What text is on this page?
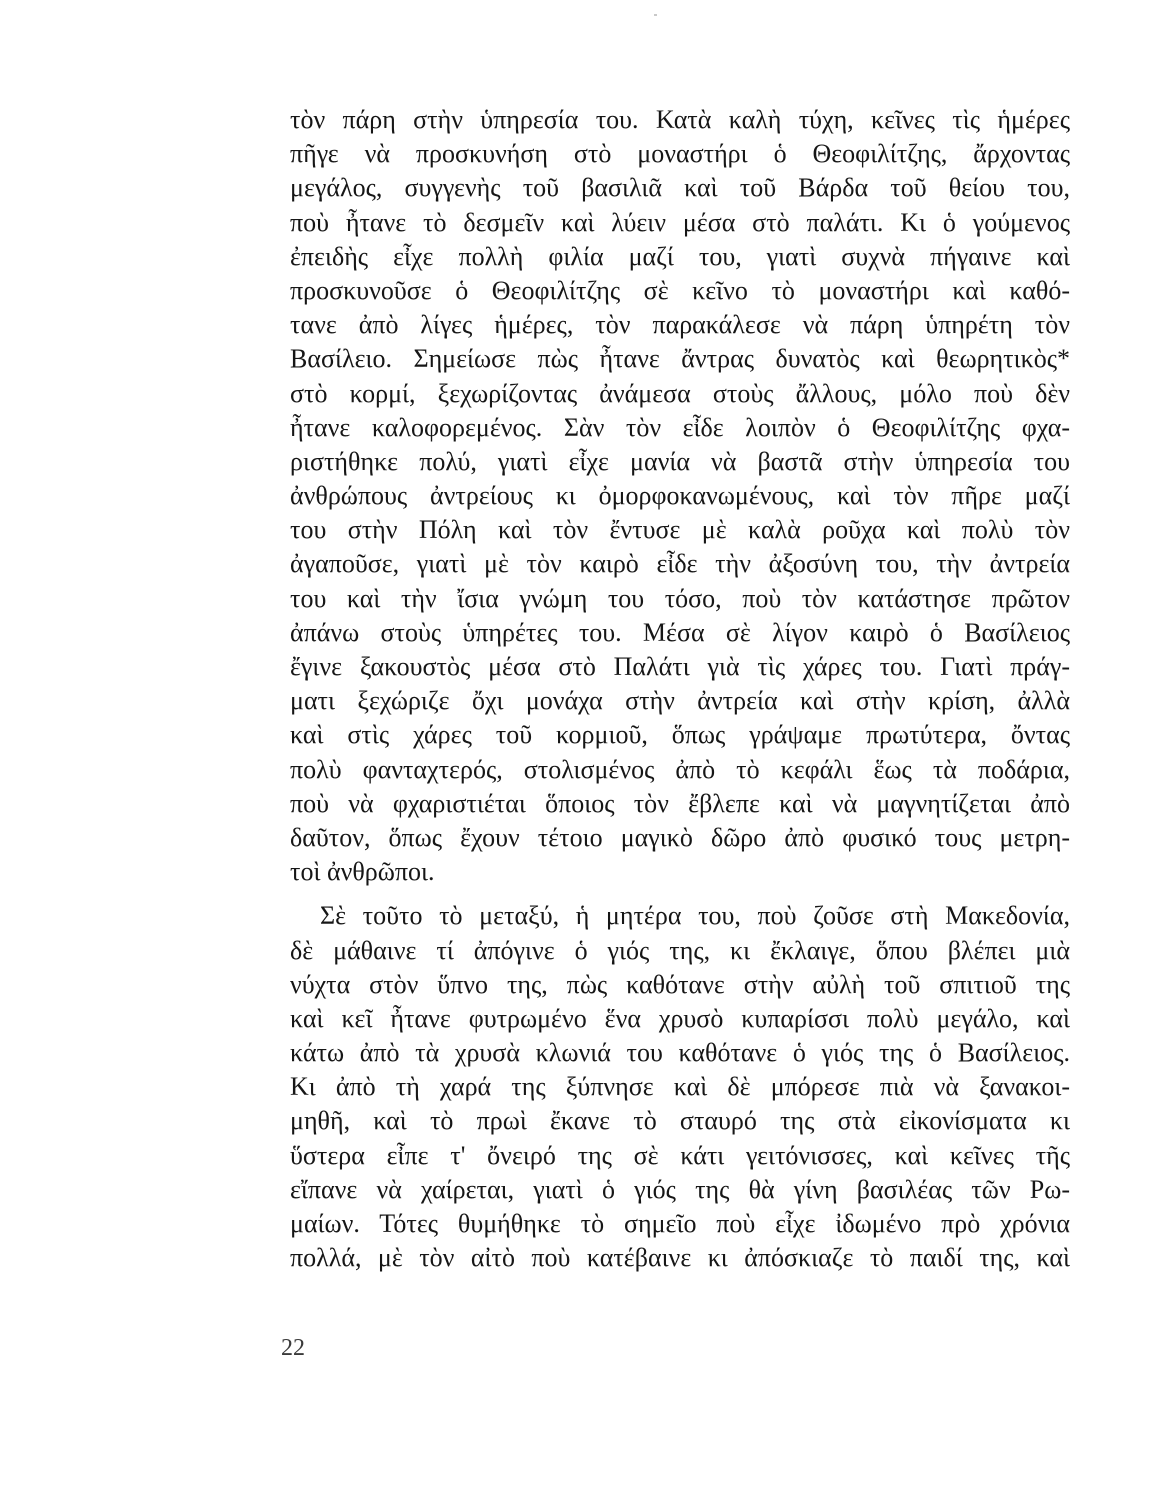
τὸν πάρη στὴν ὑπηρεσία του. Κατὰ καλὴ τύχη, κεῖνες τὶς ἡμέρες
πῆγε νὰ προσκυνήση στὸ μοναστήρι ὁ Θεοφιλίτζης, ἄρχοντας
μεγάλος, συγγενὴς τοῦ βασιλιᾶ καὶ τοῦ Βάρδα τοῦ θείου του,
ποὺ ἦτανε τὸ δεσμεῖν καὶ λύειν μέσα στὸ παλάτι. Κι ὁ γούμενος
ἐπειδὴς εἶχε πολλὴ φιλία μαζί του, γιατὶ συχνὰ πήγαινε καὶ
προσκυνοῦσε ὁ Θεοφιλίτζης σὲ κεῖνο τὸ μοναστήρι καὶ καθό-
τανε ἀπὸ λίγες ἡμέρες, τὸν παρακάλεσε νὰ πάρη ὑπηρέτη τὸν
Βασίλειο. Σημείωσε πὼς ἦτανε ἄντρας δυνατὸς καὶ θεωρητικὸς*
στὸ κορμί, ξεχωρίζοντας ἀνάμεσα στοὺς ἄλλους, μόλο ποὺ δὲν
ἦτανε καλοφορεμένος. Σὰν τὸν εἶδε λοιπὸν ὁ Θεοφιλίτζης φχα-
ριστήθηκε πολύ, γιατὶ εἶχε μανία νὰ βαστᾶ στὴν ὑπηρεσία του
ἀνθρώπους ἀντρείους κι ὀμορφοκανωμένους, καὶ τὸν πῆρε μαζί
του στὴν Πόλη καὶ τὸν ἔντυσε μὲ καλὰ ροῦχα καὶ πολὺ τὸν
ἀγαποῦσε, γιατὶ μὲ τὸν καιρὸ εἶδε τὴν ἀξοσύνη του, τὴν ἀντρεία
του καὶ τὴν ἴσια γνώμη του τόσο, ποὺ τὸν κατάστησε πρῶτον
ἀπάνω στοὺς ὑπηρέτες του. Μέσα σὲ λίγον καιρὸ ὁ Βασίλειος
ἔγινε ξακουστὸς μέσα στὸ Παλάτι γιὰ τὶς χάρες του. Γιατὶ πράγ-
ματι ξεχώριζε ὄχι μονάχα στὴν ἀντρεία καὶ στὴν κρίση, ἀλλὰ
καὶ στὶς χάρες τοῦ κορμιοῦ, ὅπως γράψαμε πρωτύτερα, ὄντας
πολὺ φανταχτερός, στολισμένος ἀπὸ τὸ κεφάλι ἕως τὰ ποδάρια,
ποὺ νὰ φχαριστιέται ὅποιος τὸν ἔβλεπε καὶ νὰ μαγνητίζεται ἀπὸ
δαῦτον, ὅπως ἔχουν τέτοιο μαγικὸ δῶρο ἀπὸ φυσικό τους μετρη-
τοὶ ἀνθρῶποι.
Σὲ τοῦτο τὸ μεταξύ, ἡ μητέρα του, ποὺ ζοῦσε στὴ Μακεδονία,
δὲ μάθαινε τί ἀπόγινε ὁ γιός της, κι ἔκλαιγε, ὅπου βλέπει μιὰ
νύχτα στὸν ὕπνο της, πὼς καθότανε στὴν αὐλὴ τοῦ σπιτιοῦ της
καὶ κεῖ ἦτανε φυτρωμένο ἕνα χρυσὸ κυπαρίσσι πολὺ μεγάλο, καὶ
κάτω ἀπὸ τὰ χρυσὰ κλωνιά του καθότανε ὁ γιός της ὁ Βασίλειος.
Κι ἀπὸ τὴ χαρά της ξύπνησε καὶ δὲ μπόρεσε πιὰ νὰ ξανακοι-
μηθῆ, καὶ τὸ πρωὶ ἔκανε τὸ σταυρό της στὰ εἰκονίσματα κι
ὕστερα εἶπε τ' ὄνειρό της σὲ κάτι γειτόνισσες, καὶ κεῖνες τῆς
εἴπανε νὰ χαίρεται, γιατὶ ὁ γιός της θὰ γίνη βασιλέας τῶν Ρω-
μαίων. Τότες θυμήθηκε τὸ σημεῖο ποὺ εἶχε ἰδωμένο πρὸ χρόνια
πολλά, μὲ τὸν αἰτὸ ποὺ κατέβαινε κι ἀπόσκιαζε τὸ παιδί της, καὶ
22
